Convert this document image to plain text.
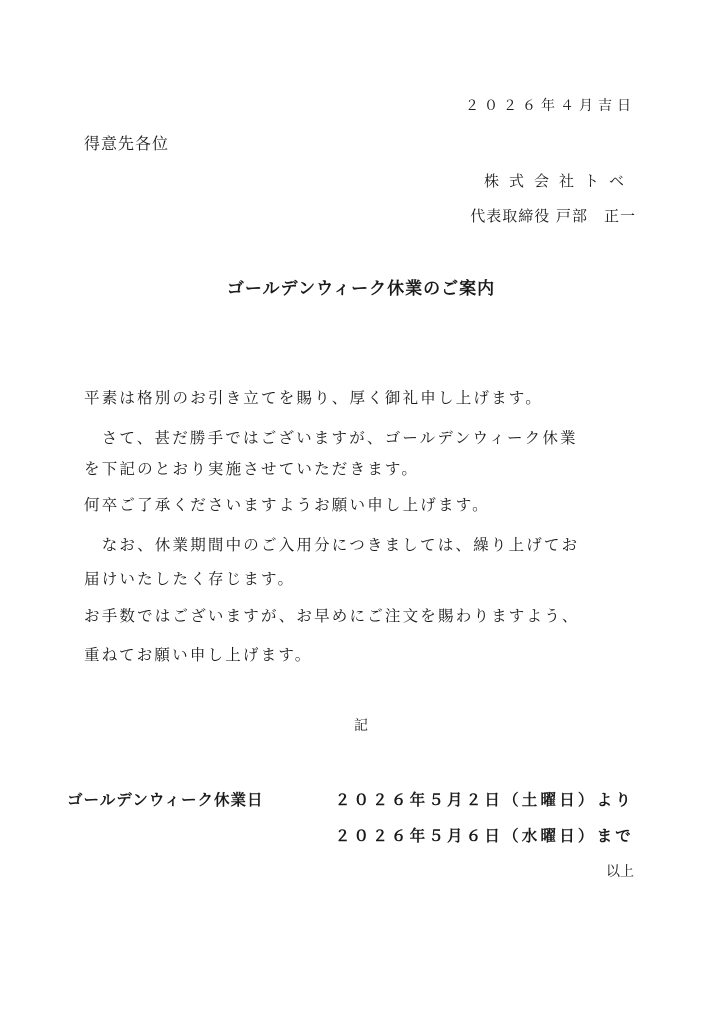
２０２６年４月吉日
得意先各位
株式会社トベ
代表取締役 戸部　正一
ゴールデンウィーク休業のご案内
平素は格別のお引き立てを賜り、厚く御礼申し上げます。
　さて、甚だ勝手ではございますが、ゴールデンウィーク休業
を下記のとおり実施させていただきます。
何卒ご了承くださいますようお願い申し上げます。
　なお、休業期間中のご入用分につきましては、繰り上げてお
届けいたしたく存じます。
お手数ではございますが、お早めにご注文を賜わりますよう、
重ねてお願い申し上げます。
記
ゴールデンウィーク休業日	２０２６年５月２日（土曜日）より
２０２６年５月６日（水曜日）まで
以上
